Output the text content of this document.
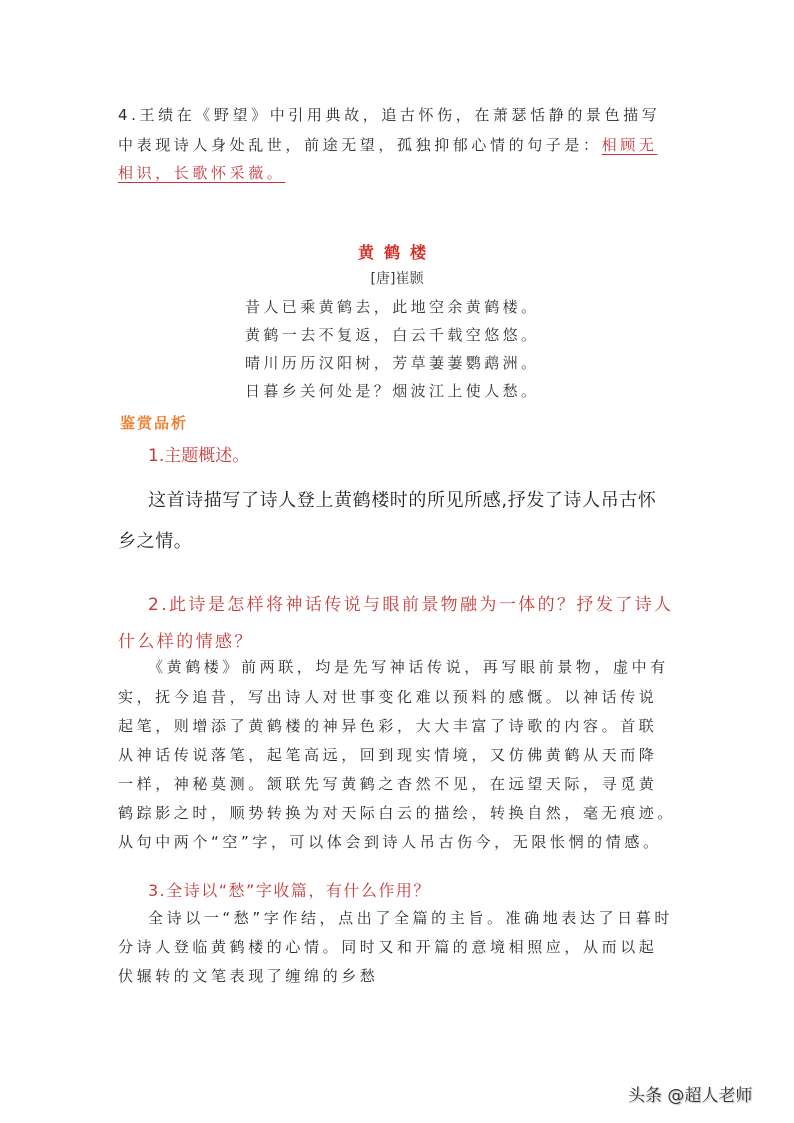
4.王绩在《野望》中引用典故，追古怀伤，在萧瑟恬静的景色描写
中表现诗人身处乱世，前途无望，孤独抑郁心情的句子是：相顾无
相识，长歌怀采薇。
黄鹤楼
[唐]崔颢
昔人已乘黄鹤去，此地空余黄鹤楼。
黄鹤一去不复返，白云千载空悠悠。
晴川历历汉阳树，芳草萋萋鹦鹉洲。
日暮乡关何处是？烟波江上使人愁。
鉴赏品析
1.主题概述。
这首诗描写了诗人登上黄鹤楼时的所见所感,抒发了诗人吊古怀
乡之情。
2.此诗是怎样将神话传说与眼前景物融为一体的？抒发了诗人
什么样的情感？
《黄鹤楼》前两联，均是先写神话传说，再写眼前景物，虚中有
实，抚今追昔，写出诗人对世事变化难以预料的感慨。以神话传说
起笔，则增添了黄鹤楼的神异色彩，大大丰富了诗歌的内容。首联
从神话传说落笔，起笔高远，回到现实情境，又仿佛黄鹤从天而降
一样，神秘莫测。颔联先写黄鹤之杳然不见，在远望天际，寻觅黄
鹤踪影之时，顺势转换为对天际白云的描绘，转换自然，毫无痕迹。
从句中两个“空”字，可以体会到诗人吊古伤今，无限怅惘的情感。
3.全诗以“愁”字收篇，有什么作用？
全诗以一“愁”字作结，点出了全篇的主旨。准确地表达了日暮时
分诗人登临黄鹤楼的心情。同时又和开篇的意境相照应，从而以起
伏辗转的文笔表现了缠绵的乡愁
头条 @超人老师
